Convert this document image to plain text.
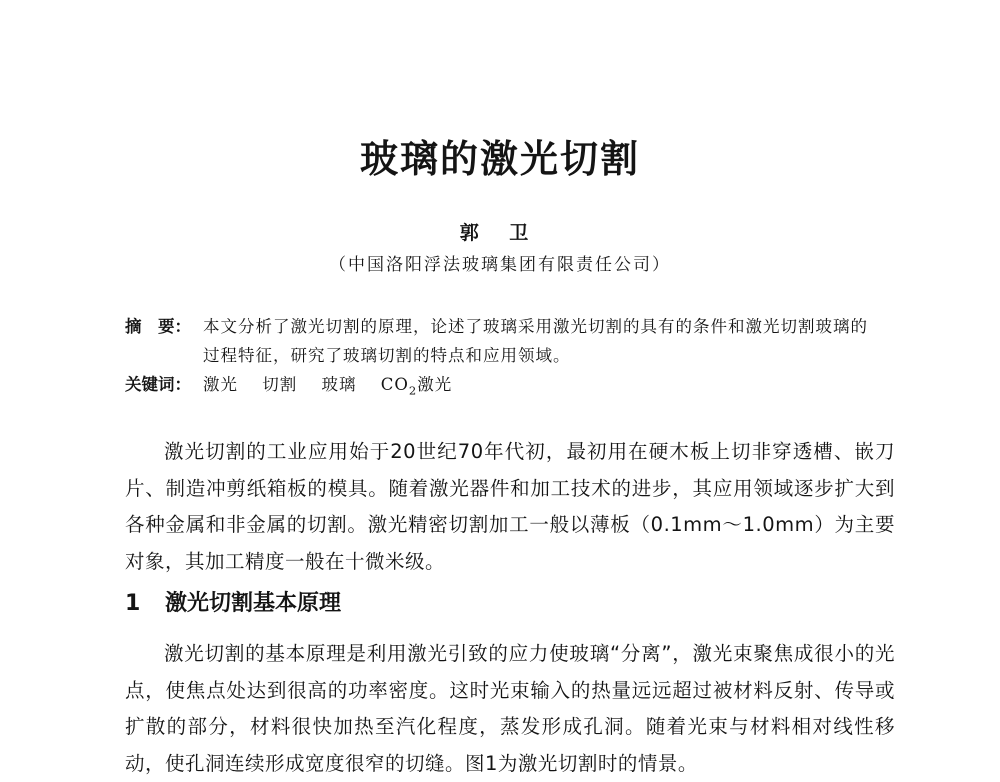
玻璃的激光切割
郭 卫
（中国洛阳浮法玻璃集团有限责任公司）
摘　要： 本文分析了激光切割的原理，论述了玻璃采用激光切割的具有的条件和激光切割玻璃的过程特征，研究了玻璃切割的特点和应用领域。
关键词： 激光 切割 玻璃 $CO_2$激光

激光切割的工业应用始于20世纪70年代初，最初用在硬木板上切非穿透槽、嵌刀片、制造冲剪纸箱板的模具。随着激光器件和加工技术的进步，其应用领域逐步扩大到各种金属和非金属的切割。激光精密切割加工一般以薄板（0.1mm～1.0mm）为主要对象，其加工精度一般在十微米级。

1 激光切割基本原理

激光切割的基本原理是利用激光引致的应力使玻璃“分离”，激光束聚焦成很小的光点，使焦点处达到很高的功率密度。这时光束输入的热量远远超过被材料反射、传导或扩散的部分，材料很快加热至汽化程度，蒸发形成孔洞。随着光束与材料相对线性移动，使孔洞连续形成宽度很窄的切缝。图1为激光切割时的情景。
